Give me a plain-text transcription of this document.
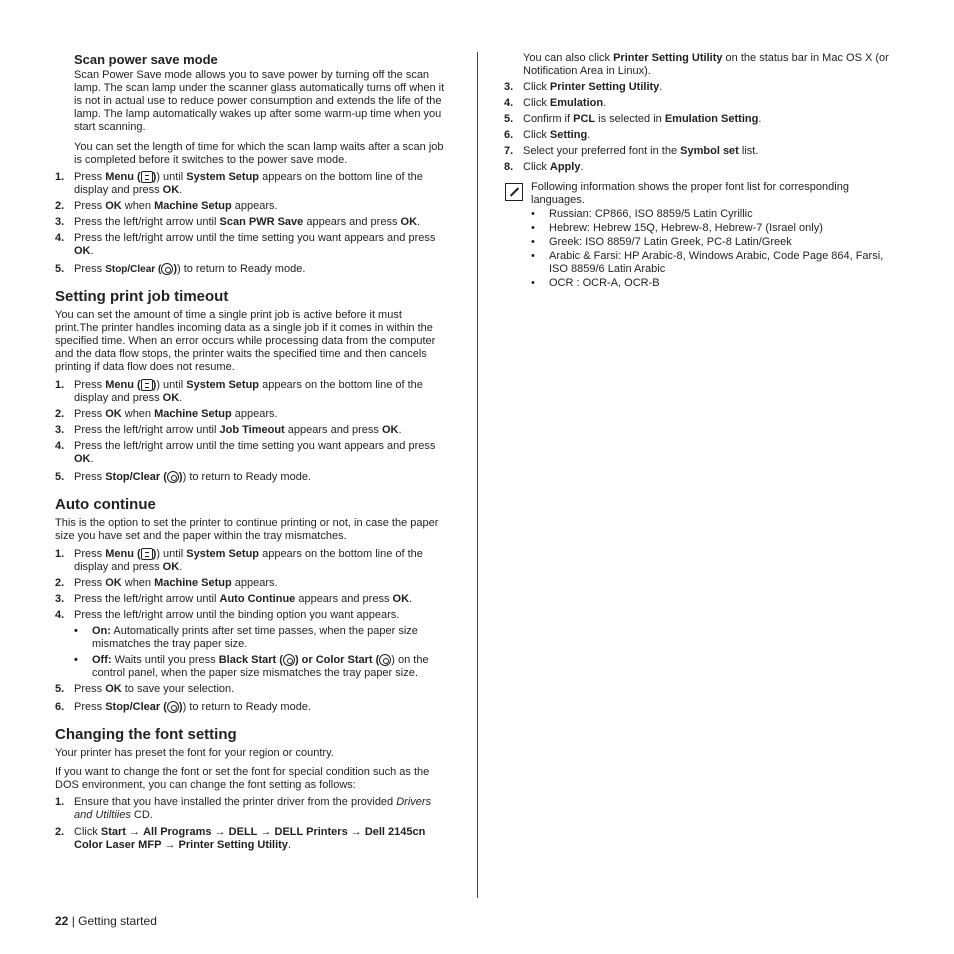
Scan power save mode

Scan Power Save mode allows you to save power by turning off the scan lamp. The scan lamp under the scanner glass automatically turns off when it is not in actual use to reduce power consumption and extends the life of the lamp. The lamp automatically wakes up after some warm-up time when you start scanning.

You can set the length of time for which the scan lamp waits after a scan job is completed before it switches to the power save mode.

1. Press Menu ( )) until System Setup appears on the bottom line of the display and press OK.
2. Press OK when Machine Setup appears.
3. Press the left/right arrow until Scan PWR Save appears and press OK.
4. Press the left/right arrow until the time setting you want appears and press OK.
5. Press Stop/Clear ( )) to return to Ready mode.
Setting print job timeout

You can set the amount of time a single print job is active before it must print.The printer handles incoming data as a single job if it comes in within the specified time. When an error occurs while processing data from the computer and the data flow stops, the printer waits the specified time and then cancels printing if data flow does not resume.

1. Press Menu ( )) until System Setup appears on the bottom line of the display and press OK.
2. Press OK when Machine Setup appears.
3. Press the left/right arrow until Job Timeout appears and press OK.
4. Press the left/right arrow until the time setting you want appears and press OK.
5. Press Stop/Clear ( )) to return to Ready mode.
Auto continue

This is the option to set the printer to continue printing or not, in case the paper size you have set and the paper within the tray mismatches.

1. Press Menu ( )) until System Setup appears on the bottom line of the display and press OK.
2. Press OK when Machine Setup appears.
3. Press the left/right arrow until Auto Continue appears and press OK.
4. Press the left/right arrow until the binding option you want appears.
• On: Automatically prints after set time passes, when the paper size mismatches the tray paper size.
• Off: Waits until you press Black Start ( ) or Color Start ( ) on the control panel, when the paper size mismatches the tray paper size.
5. Press OK to save your selection.
6. Press Stop/Clear ( )) to return to Ready mode.
Changing the font setting

Your printer has preset the font for your region or country.

If you want to change the font or set the font for special condition such as the DOS environment, you can change the font setting as follows:

1. Ensure that you have installed the printer driver from the provided Drivers and Utiltiies CD.
2. Click Start → All Programs → DELL → DELL Printers → Dell 2145cn Color Laser MFP → Printer Setting Utility.

You can also click Printer Setting Utility on the status bar in Mac OS X (or Notification Area in Linux).

3. Click Printer Setting Utility.
4. Click Emulation.
5. Confirm if PCL is selected in Emulation Setting.
6. Click Setting.
7. Select your preferred font in the Symbol set list.
8. Click Apply.

Following information shows the proper font list for corresponding languages.

• Russian: CP866, ISO 8859/5 Latin Cyrillic
• Hebrew: Hebrew 15Q, Hebrew-8, Hebrew-7 (Israel only)
• Greek: ISO 8859/7 Latin Greek, PC-8 Latin/Greek
• Arabic & Farsi: HP Arabic-8, Windows Arabic, Code Page 864, Farsi, ISO 8859/6 Latin Arabic
• OCR : OCR-A, OCR-B
22 | Getting started
